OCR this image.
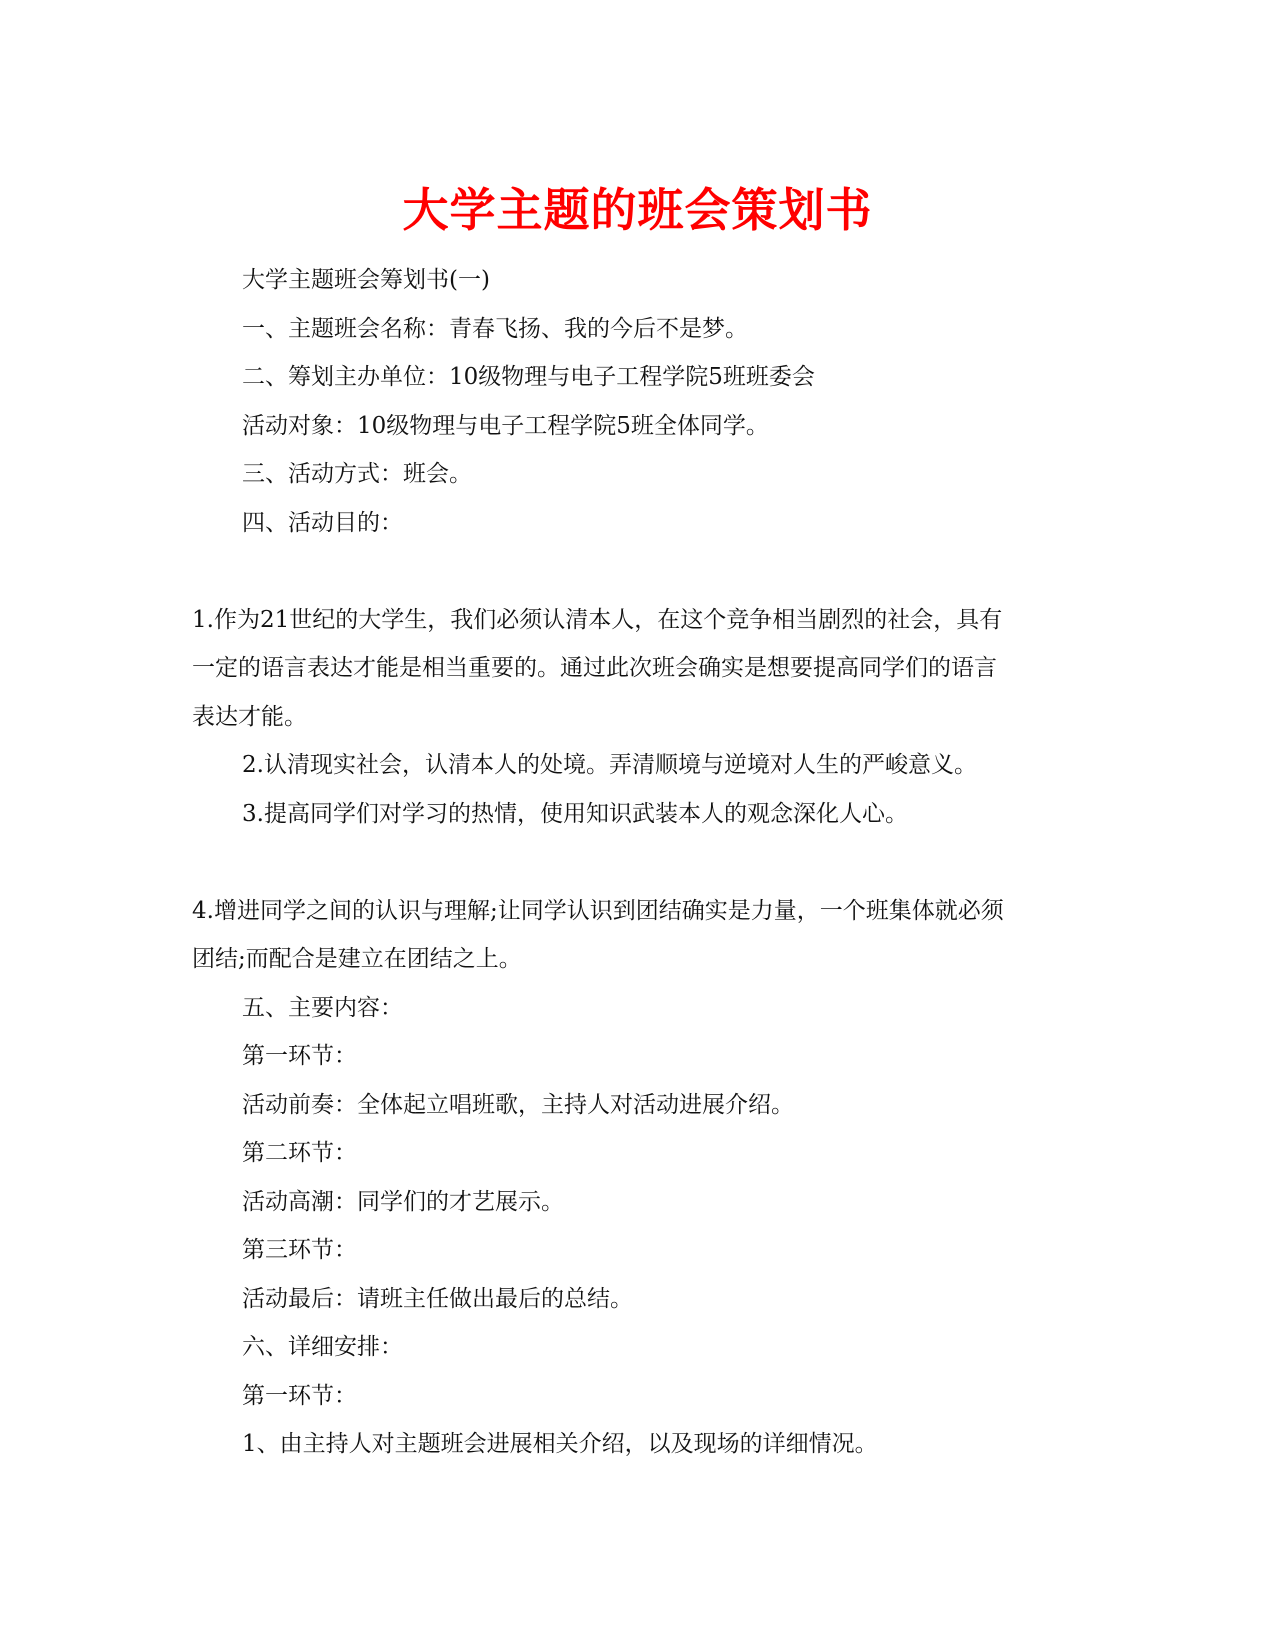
大学主题的班会策划书

大学主题班会筹划书(一)

一、主题班会名称：青春飞扬、我的今后不是梦。

二、筹划主办单位：10级物理与电子工程学院5班班委会

活动对象：10级物理与电子工程学院5班全体同学。

三、活动方式：班会。

四、活动目的：

1.作为21世纪的大学生，我们必须认清本人，在这个竞争相当剧烈的社会，具有

一定的语言表达才能是相当重要的。通过此次班会确实是想要提高同学们的语言

表达才能。

2.认清现实社会，认清本人的处境。弄清顺境与逆境对人生的严峻意义。

3.提高同学们对学习的热情，使用知识武装本人的观念深化人心。

4.增进同学之间的认识与理解;让同学认识到团结确实是力量，一个班集体就必须

团结;而配合是建立在团结之上。

五、主要内容：

第一环节：

活动前奏：全体起立唱班歌，主持人对活动进展介绍。

第二环节：

活动高潮：同学们的才艺展示。

第三环节：

活动最后：请班主任做出最后的总结。

六、详细安排：

第一环节：

1、由主持人对主题班会进展相关介绍，以及现场的详细情况。
